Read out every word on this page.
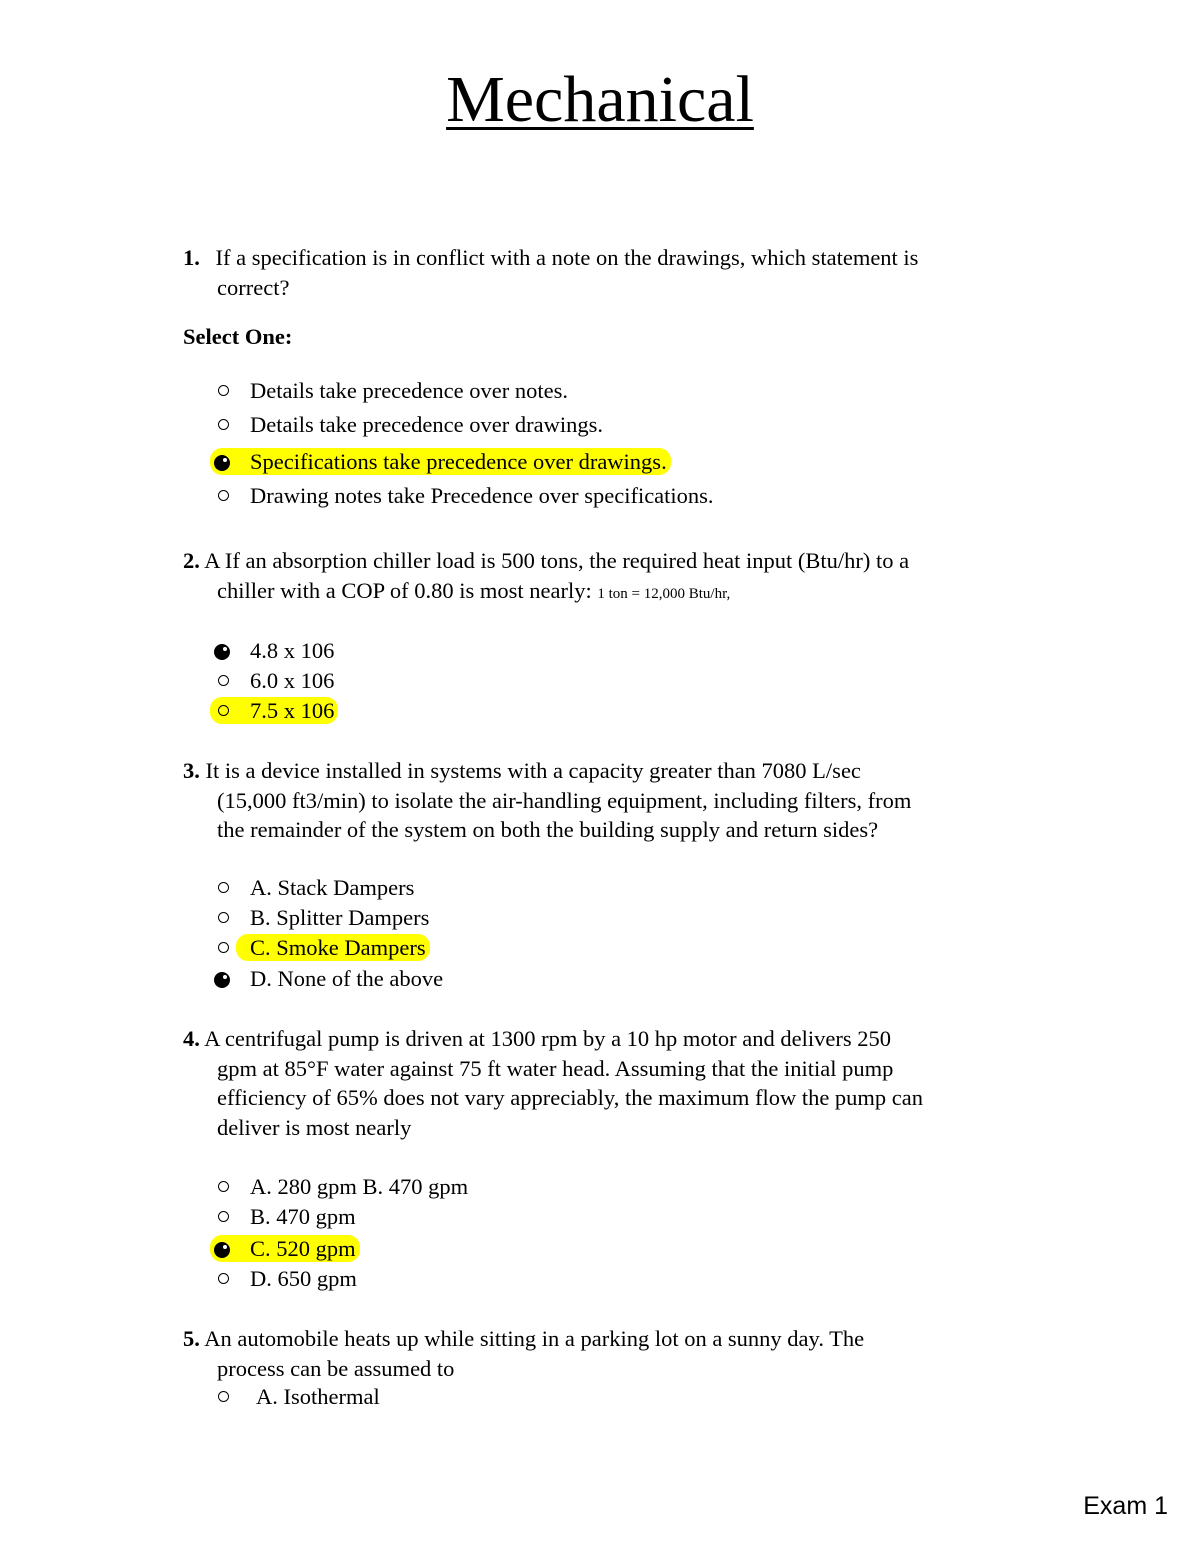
Mechanical
1. If a specification is in conflict with a note on the drawings, which statement is
correct?
Select One:
Details take precedence over notes.
Details take precedence over drawings.
Specifications take precedence over drawings.
Drawing notes take Precedence over specifications.
2. A If an absorption chiller load is 500 tons, the required heat input (Btu/hr) to a
chiller with a COP of 0.80 is most nearly: 1 ton = 12,000 Btu/hr,
4.8 x 106
6.0 x 106
7.5 x 106
3. It is a device installed in systems with a capacity greater than 7080 L/sec
(15,000 ft3/min) to isolate the air-handling equipment, including filters, from
the remainder of the system on both the building supply and return sides?
A. Stack Dampers
B. Splitter Dampers
C. Smoke Dampers
D. None of the above
4. A centrifugal pump is driven at 1300 rpm by a 10 hp motor and delivers 250
gpm at 85°F water against 75 ft water head. Assuming that the initial pump
efficiency of 65% does not vary appreciably, the maximum flow the pump can
deliver is most nearly
A. 280 gpm B. 470 gpm
B. 470 gpm
C. 520 gpm
D. 650 gpm
5. An automobile heats up while sitting in a parking lot on a sunny day. The
process can be assumed to
A. Isothermal
Exam 1
